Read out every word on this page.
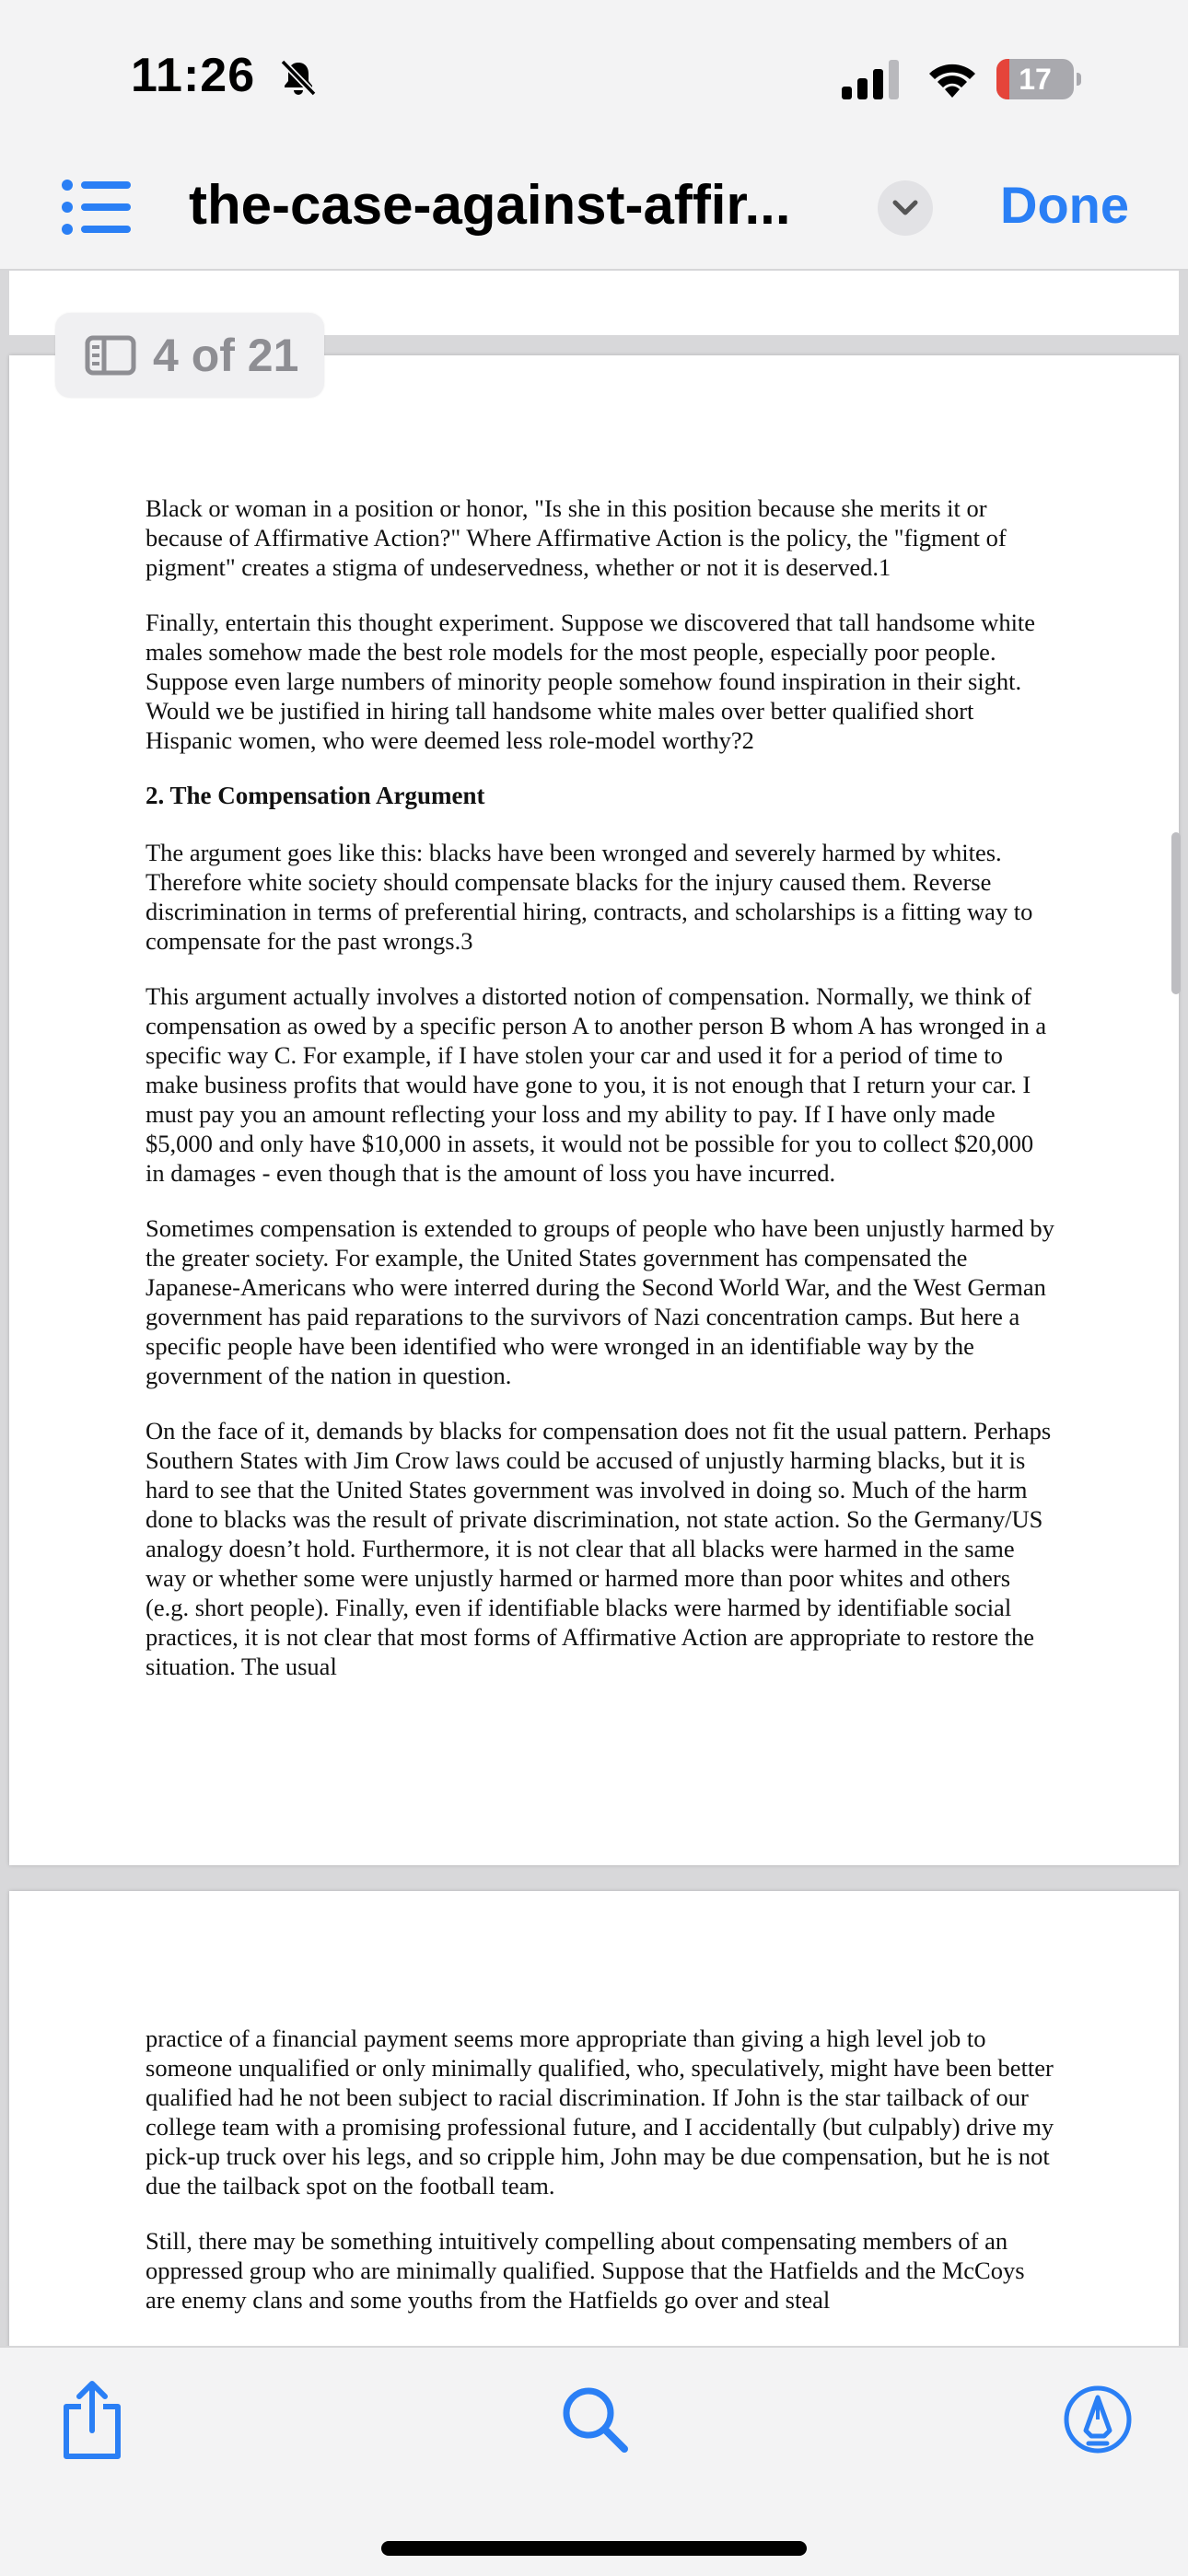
11:26	17
the-case-against-affir...	Done

Black or woman in a position or honor, "Is she in this position because she merits it or because of Affirmative Action?" Where Affirmative Action is the policy, the "figment of pigment" creates a stigma of undeservedness, whether or not it is deserved.1

Finally, entertain this thought experiment. Suppose we discovered that tall handsome white males somehow made the best role models for the most people, especially poor people. Suppose even large numbers of minority people somehow found inspiration in their sight. Would we be justified in hiring tall handsome white males over better qualified short Hispanic women, who were deemed less role-model worthy?2

2. The Compensation Argument

The argument goes like this: blacks have been wronged and severely harmed by whites. Therefore white society should compensate blacks for the injury caused them. Reverse discrimination in terms of preferential hiring, contracts, and scholarships is a fitting way to compensate for the past wrongs.3

This argument actually involves a distorted notion of compensation. Normally, we think of compensation as owed by a specific person A to another person B whom A has wronged in a specific way C. For example, if I have stolen your car and used it for a period of time to make business profits that would have gone to you, it is not enough that I return your car. I must pay you an amount reflecting your loss and my ability to pay. If I have only made $5,000 and only have $10,000 in assets, it would not be possible for you to collect $20,000 in damages - even though that is the amount of loss you have incurred.

Sometimes compensation is extended to groups of people who have been unjustly harmed by the greater society. For example, the United States government has compensated the Japanese-Americans who were interred during the Second World War, and the West German government has paid reparations to the survivors of Nazi concentration camps. But here a specific people have been identified who were wronged in an identifiable way by the government of the nation in question.

On the face of it, demands by blacks for compensation does not fit the usual pattern. Perhaps Southern States with Jim Crow laws could be accused of unjustly harming blacks, but it is hard to see that the United States government was involved in doing so. Much of the harm done to blacks was the result of private discrimination, not state action. So the Germany/US analogy doesn’t hold. Furthermore, it is not clear that all blacks were harmed in the same way or whether some were unjustly harmed or harmed more than poor whites and others (e.g. short people). Finally, even if identifiable blacks were harmed by identifiable social practices, it is not clear that most forms of Affirmative Action are appropriate to restore the situation. The usual

practice of a financial payment seems more appropriate than giving a high level job to someone unqualified or only minimally qualified, who, speculatively, might have been better qualified had he not been subject to racial discrimination. If John is the star tailback of our college team with a promising professional future, and I accidentally (but culpably) drive my pick-up truck over his legs, and so cripple him, John may be due compensation, but he is not due the tailback spot on the football team.

Still, there may be something intuitively compelling about compensating members of an oppressed group who are minimally qualified. Suppose that the Hatfields and the McCoys are enemy clans and some youths from the Hatfields go over and steal

4 of 21
